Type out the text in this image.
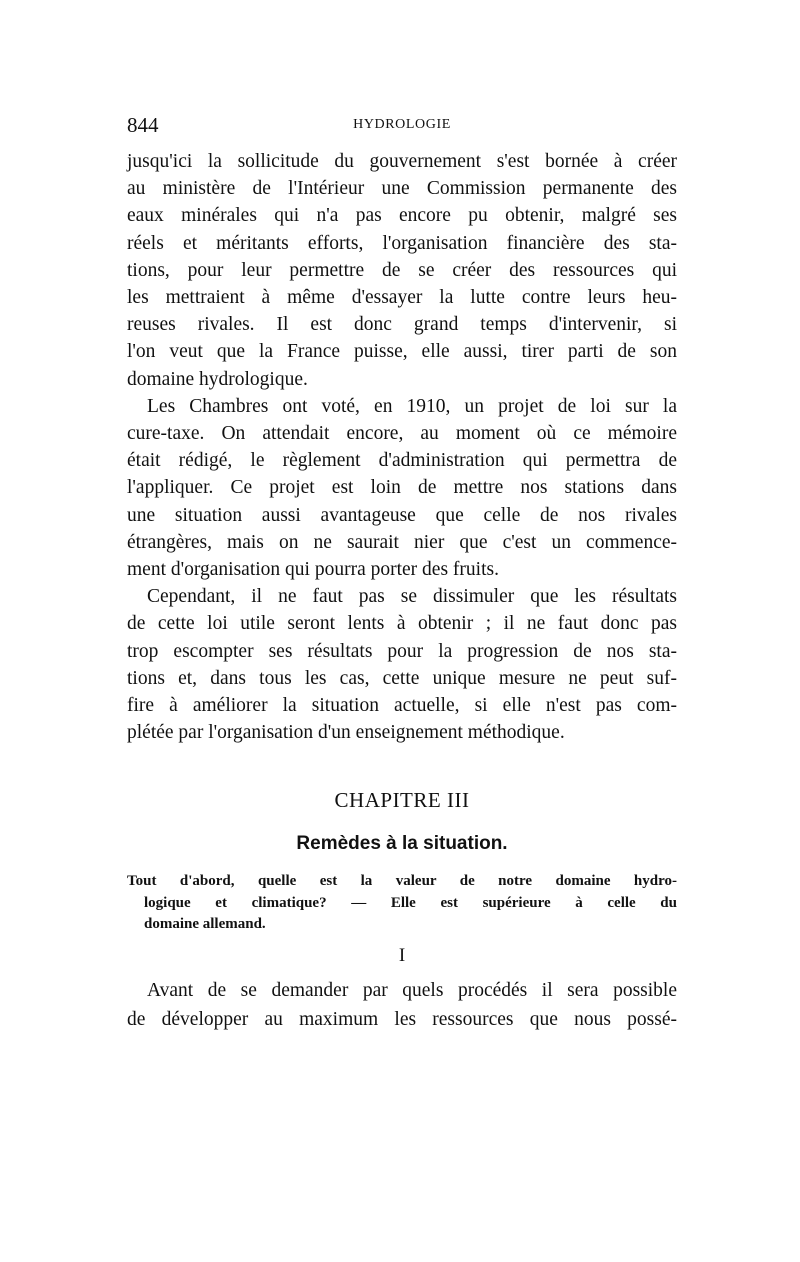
844	HYDROLOGIE

jusqu'ici la sollicitude du gouvernement s'est bornée à créer
au ministère de l'Intérieur une Commission permanente des
eaux minérales qui n'a pas encore pu obtenir, malgré ses
réels et méritants efforts, l'organisation financière des sta-
tions, pour leur permettre de se créer des ressources qui
les mettraient à même d'essayer la lutte contre leurs heu-
reuses rivales. Il est donc grand temps d'intervenir, si
l'on veut que la France puisse, elle aussi, tirer parti de son
domaine hydrologique.

Les Chambres ont voté, en 1910, un projet de loi sur la
cure-taxe. On attendait encore, au moment où ce mémoire
était rédigé, le règlement d'administration qui permettra de
l'appliquer. Ce projet est loin de mettre nos stations dans
une situation aussi avantageuse que celle de nos rivales
étrangères, mais on ne saurait nier que c'est un commence-
ment d'organisation qui pourra porter des fruits.

Cependant, il ne faut pas se dissimuler que les résultats
de cette loi utile seront lents à obtenir ; il ne faut donc pas
trop escompter ses résultats pour la progression de nos sta-
tions et, dans tous les cas, cette unique mesure ne peut suf-
fire à améliorer la situation actuelle, si elle n'est pas com-
plétée par l'organisation d'un enseignement méthodique.

CHAPITRE III
Remèdes à la situation.
Tout d'abord, quelle est la valeur de notre domaine hydro-
logique et climatique? — Elle est supérieure à celle du
domaine allemand.
I
Avant de se demander par quels procédés il sera possible
de développer au maximum les ressources que nous possé-
